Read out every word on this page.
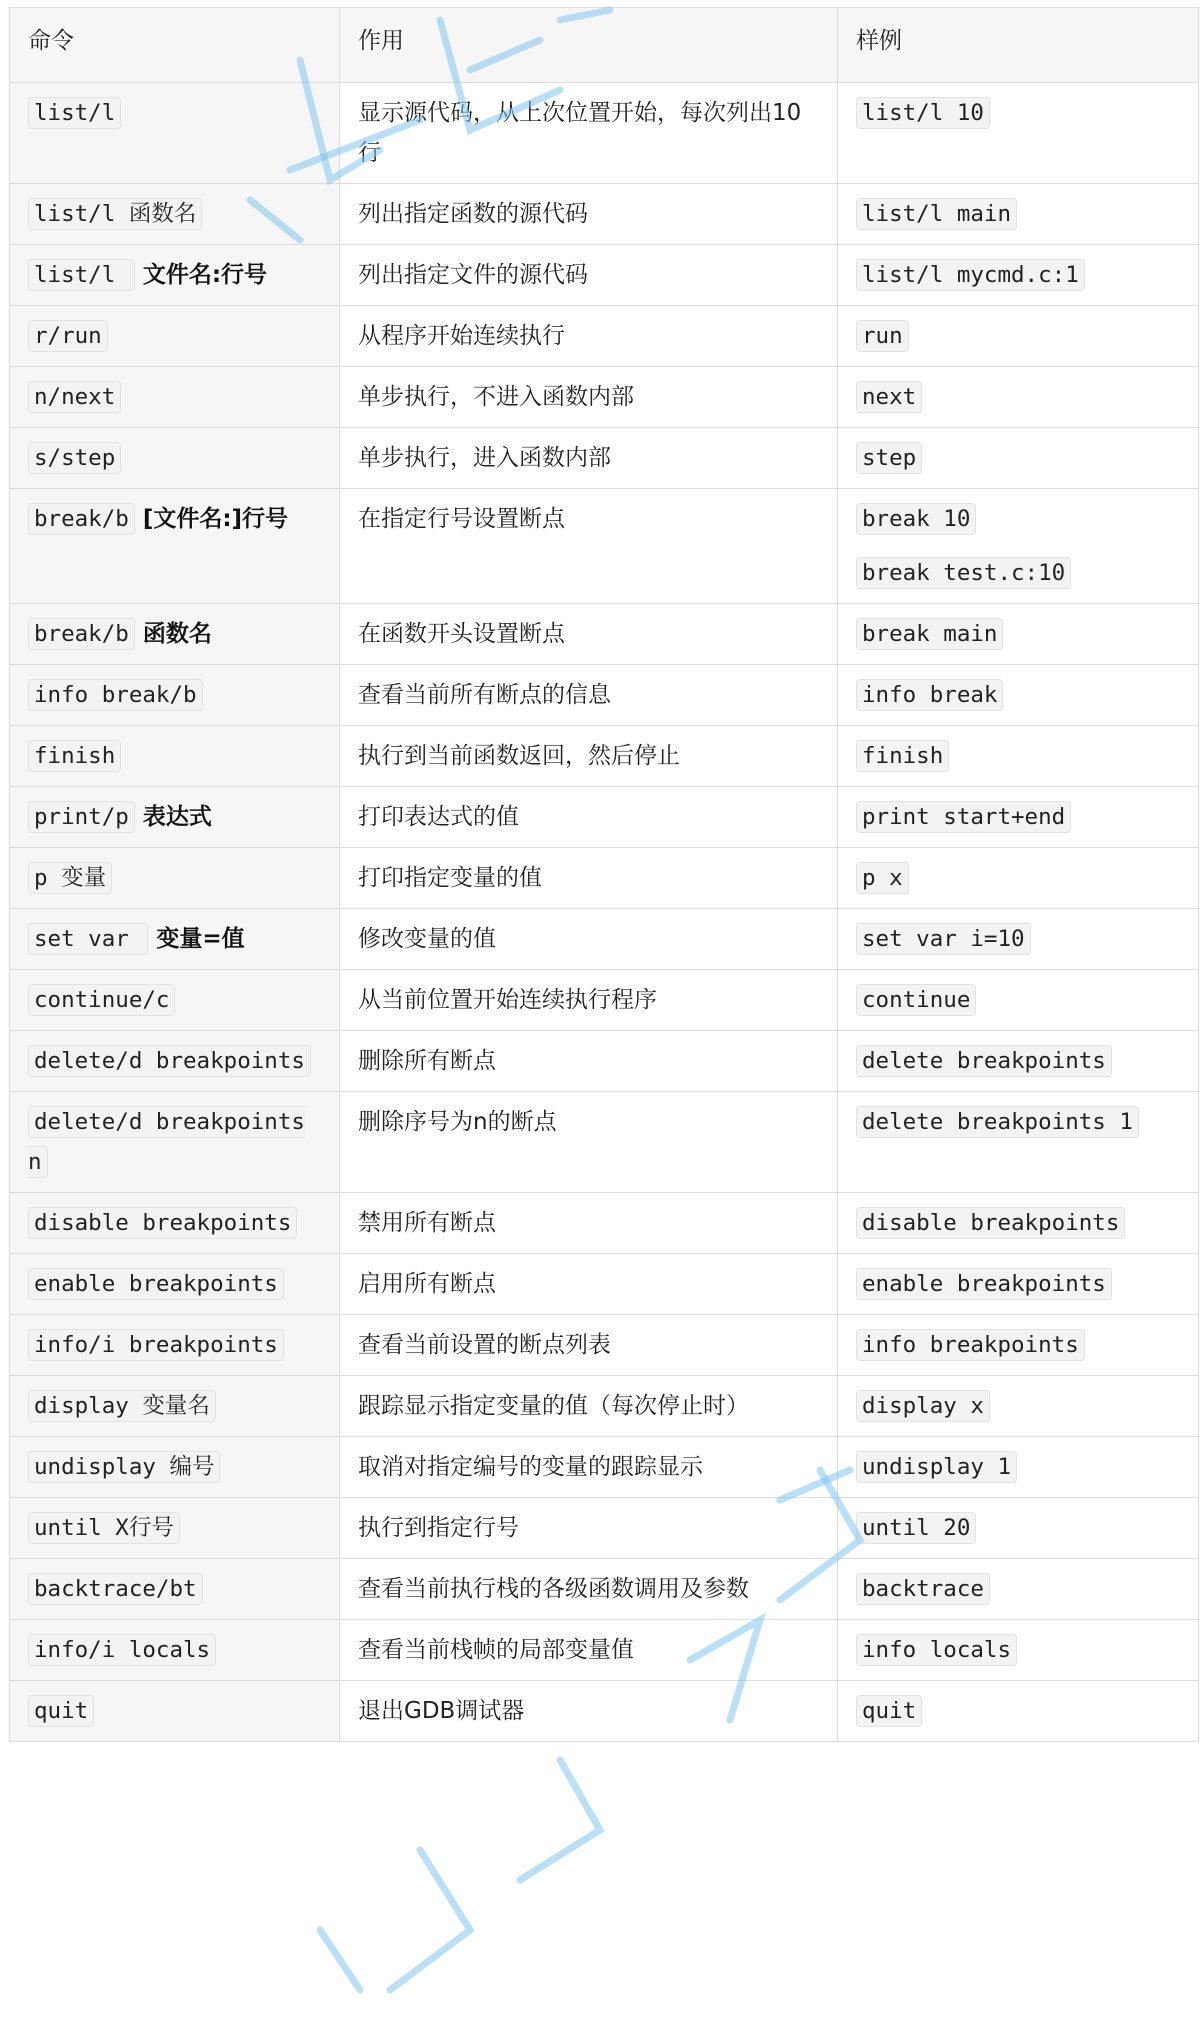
命令	作用	样例
list/l	显示源代码，从上次位置开始，每次列出10行	list/l 10

list/l 函数名	列出指定函数的源代码	list/l main

list/l 文件名:行号	列出指定文件的源代码	list/l mycmd.c:1

r/run	从程序开始连续执行	run

n/next	单步执行，不进入函数内部	next

s/step	单步执行，进入函数内部	step

break/b [文件名:]行号	在指定行号设置断点	break 10
break test.c:10

break/b 函数名	在函数开头设置断点	break main

info break/b	查看当前所有断点的信息	info break

finish	执行到当前函数返回，然后停止	finish

print/p 表达式	打印表达式的值	print start+end

p 变量	打印指定变量的值	p x

set var 变量=值	修改变量的值	set var i=10

continue/c	从当前位置开始连续执行程序	continue

delete/d breakpoints	删除所有断点	delete breakpoints

delete/d breakpoints n	删除序号为n的断点	delete breakpoints 1

disable breakpoints	禁用所有断点	disable breakpoints

enable breakpoints	启用所有断点	enable breakpoints

info/i breakpoints	查看当前设置的断点列表	info breakpoints

display 变量名	跟踪显示指定变量的值（每次停止时）	display x

undisplay 编号	取消对指定编号的变量的跟踪显示	undisplay 1

until X行号	执行到指定行号	until 20

backtrace/bt	查看当前执行栈的各级函数调用及参数	backtrace

info/i locals	查看当前栈帧的局部变量值	info locals

quit	退出GDB调试器	quit
